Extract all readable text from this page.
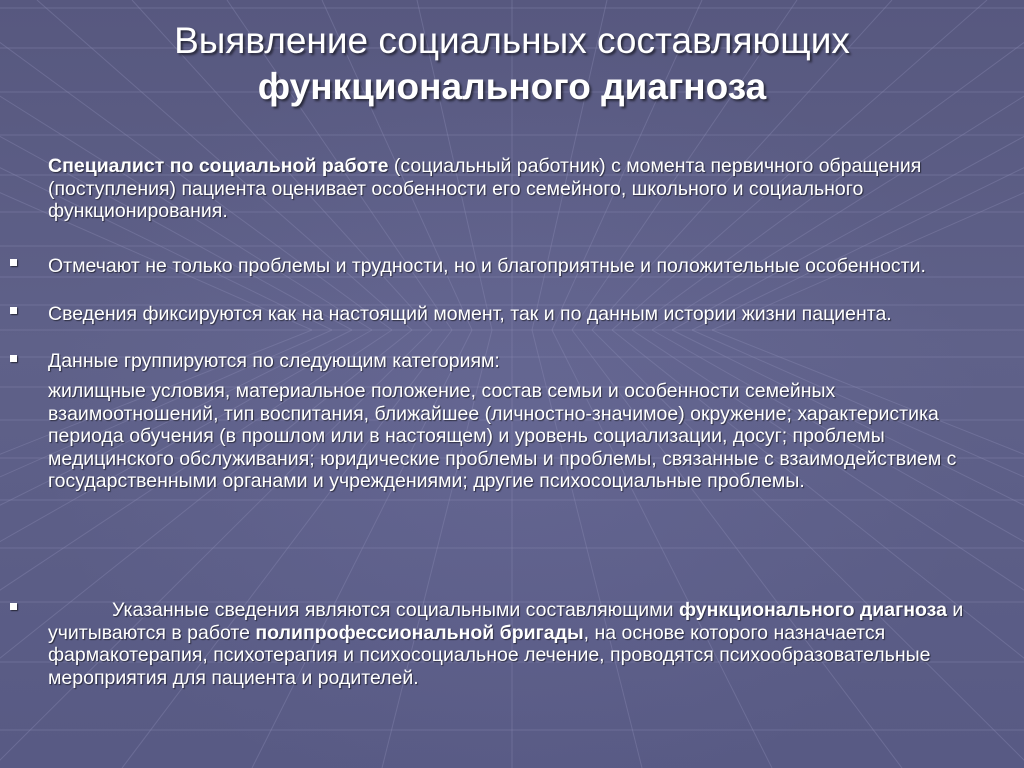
Выявление социальных составляющих
функционального диагноза
Специалист по социальной работе (социальный работник) с момента первичного обращения (поступления) пациента оценивает особенности его семейного, школьного и социального функционирования.
Отмечают не только проблемы и трудности, но и благоприятные и положительные особенности.
Сведения фиксируются как на настоящий момент, так и по данным истории жизни пациента.
Данные группируются по следующим категориям:
жилищные условия, материальное положение, состав семьи и особенности семейных взаимоотношений, тип воспитания, ближайшее (личностно-значимое) окружение; характеристика периода обучения (в прошлом или в настоящем) и уровень социализации, досуг; проблемы медицинского обслуживания; юридические проблемы и проблемы, связанные с взаимодействием с государственными органами и учреждениями; другие психосоциальные проблемы.
Указанные сведения являются социальными составляющими функционального диагноза и учитываются в работе полипрофессиональной бригады, на основе которого назначается фармакотерапия, психотерапия и психосоциальное лечение, проводятся психообразовательные мероприятия для пациента и родителей.
